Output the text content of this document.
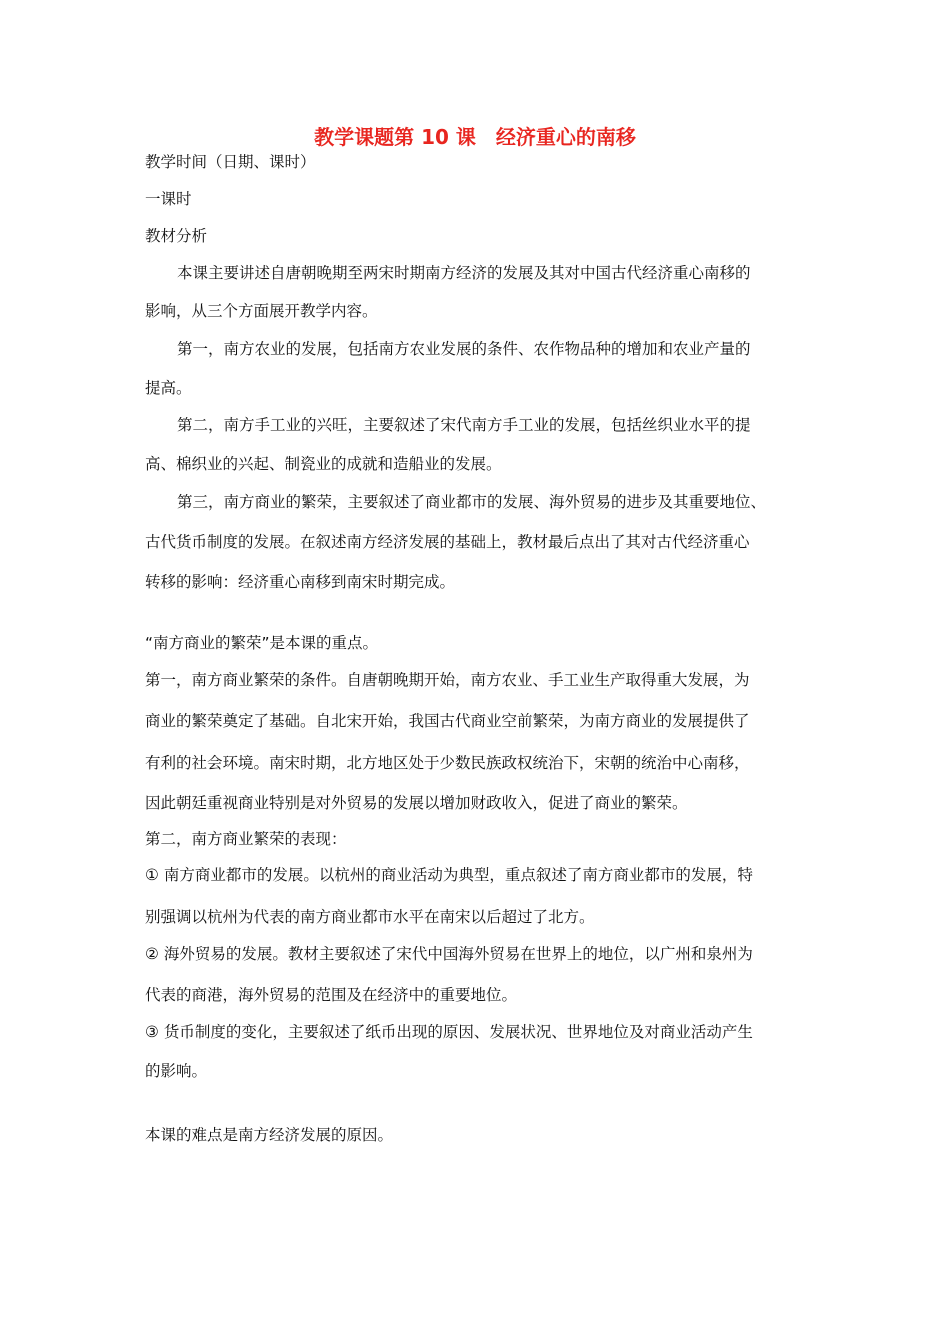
教学课题第 10 课　经济重心的南移

教学时间（日期、课时）

一课时

教材分析

本课主要讲述自唐朝晚期至两宋时期南方经济的发展及其对中国古代经济重心南移的

影响，从三个方面展开教学内容。

第一，南方农业的发展，包括南方农业发展的条件、农作物品种的增加和农业产量的

提高。

第二，南方手工业的兴旺，主要叙述了宋代南方手工业的发展，包括丝织业水平的提

高、棉织业的兴起、制瓷业的成就和造船业的发展。

第三，南方商业的繁荣，主要叙述了商业都市的发展、海外贸易的进步及其重要地位、

古代货币制度的发展。在叙述南方经济发展的基础上，教材最后点出了其对古代经济重心

转移的影响：经济重心南移到南宋时期完成。

“南方商业的繁荣”是本课的重点。

第一，南方商业繁荣的条件。自唐朝晚期开始，南方农业、手工业生产取得重大发展，为

商业的繁荣奠定了基础。自北宋开始，我国古代商业空前繁荣，为南方商业的发展提供了

有利的社会环境。南宋时期，北方地区处于少数民族政权统治下，宋朝的统治中心南移，

因此朝廷重视商业特别是对外贸易的发展以增加财政收入，促进了商业的繁荣。

第二，南方商业繁荣的表现：

① 南方商业都市的发展。以杭州的商业活动为典型，重点叙述了南方商业都市的发展，特

别强调以杭州为代表的南方商业都市水平在南宋以后超过了北方。

② 海外贸易的发展。教材主要叙述了宋代中国海外贸易在世界上的地位，以广州和泉州为

代表的商港，海外贸易的范围及在经济中的重要地位。

③ 货币制度的变化，主要叙述了纸币出现的原因、发展状况、世界地位及对商业活动产生

的影响。

本课的难点是南方经济发展的原因。
